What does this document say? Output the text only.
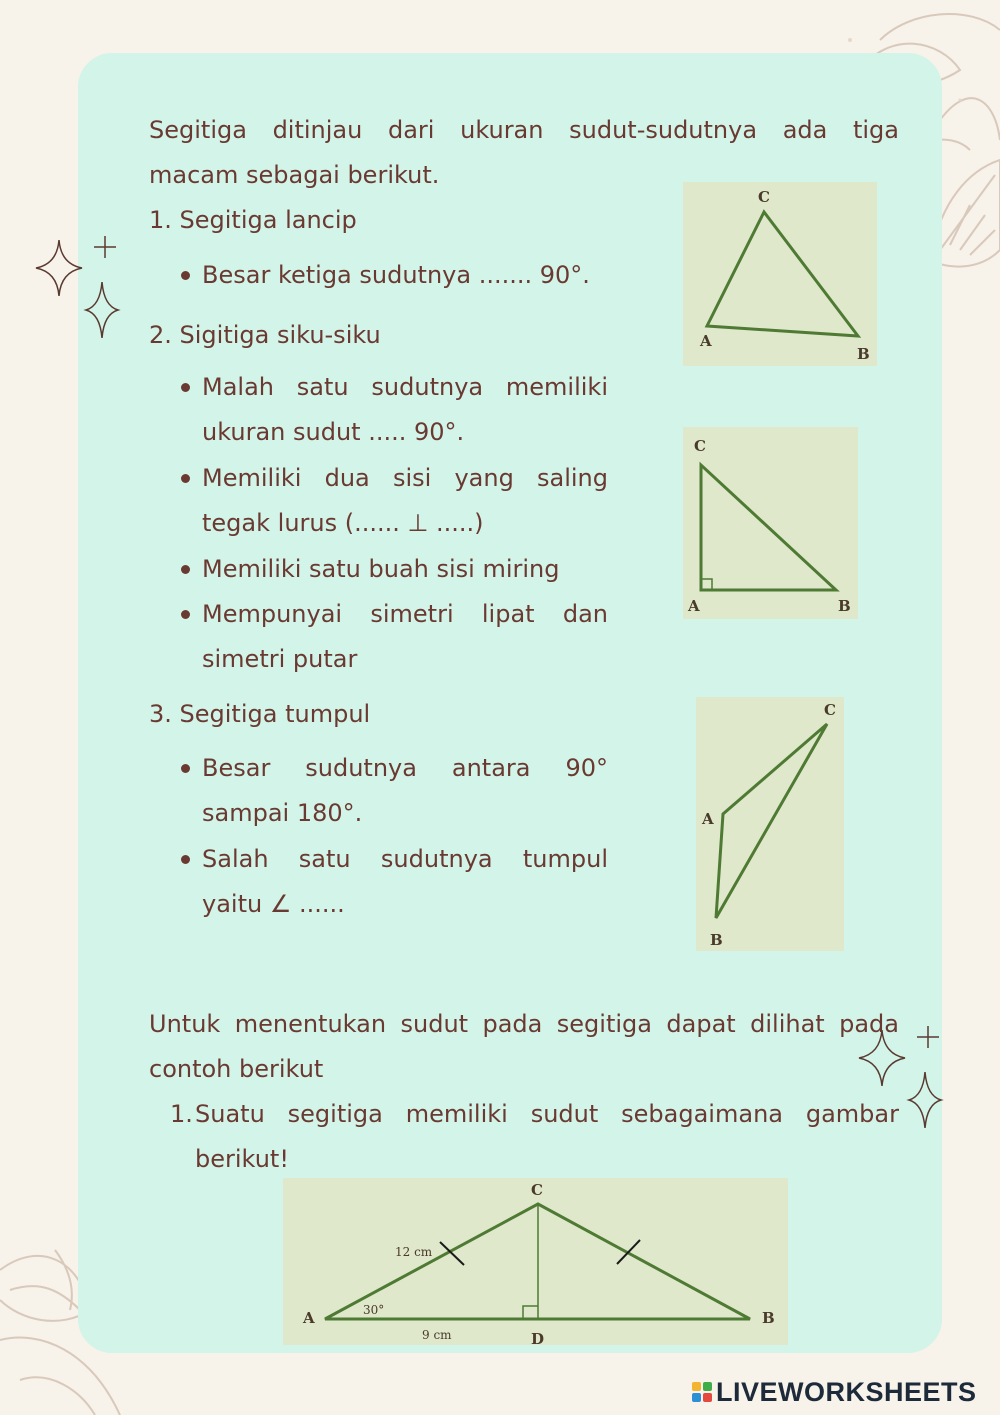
Segitiga ditinjau dari ukuran sudut-sudutnya ada tiga
macam sebagai berikut.
1. Segitiga lancip
Besar ketiga sudutnya ....... 90°.
2. Sigitiga siku-siku
Malah satu sudutnya memiliki
ukuran sudut ..... 90°.
Memiliki dua sisi yang saling
tegak lurus (...... ⊥ .....)
Memiliki satu buah sisi miring
Mempunyai simetri lipat dan
simetri putar
3. Segitiga tumpul
Besar sudutnya antara 90°
sampai 180°.
Salah satu sudutnya tumpul
yaitu ∠ ......
C
A
B
C
A	B
C
A
B
Untuk menentukan sudut pada segitiga dapat dilihat pada
contoh berikut
1. Suatu segitiga memiliki sudut sebagaimana gambar
berikut!
C
A	B
D
12 cm
9 cm
30°
LIVEWORKSHEETS
